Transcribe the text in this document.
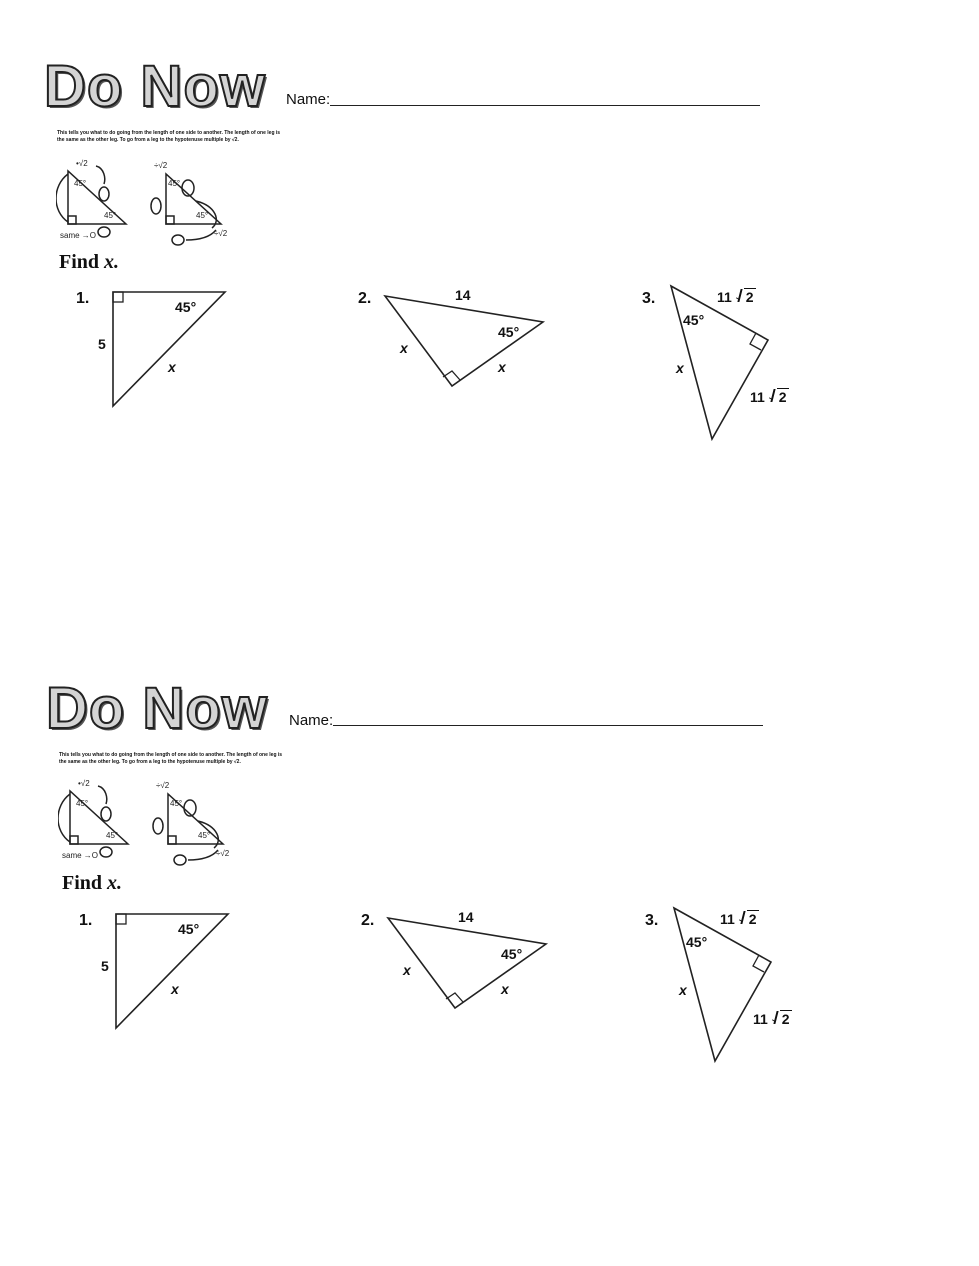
Do Now Name:
This tells you what to do going from the length of one side to another. The length of one leg is the same as the other leg. To go from a leg to the hypotenuse multiple by √2.
45°
45°
•√2
same →O
45°
45°
÷√2
÷√2
Find x.
1.	45°
5
x
2.	14
45°
x
x
3.
45°
11 2
11 2
x
Do Now Name:
This tells you what to do going from the length of one side to another. The length of one leg is the same as the other leg. To go from a leg to the hypotenuse multiple by √2.
45°
45°
•√2
same →O
45°
45°
÷√2
÷√2
Find x.
1.	45°
5
x
2.	14
45°
x
x
3.
45°
11 2
11 2
x
